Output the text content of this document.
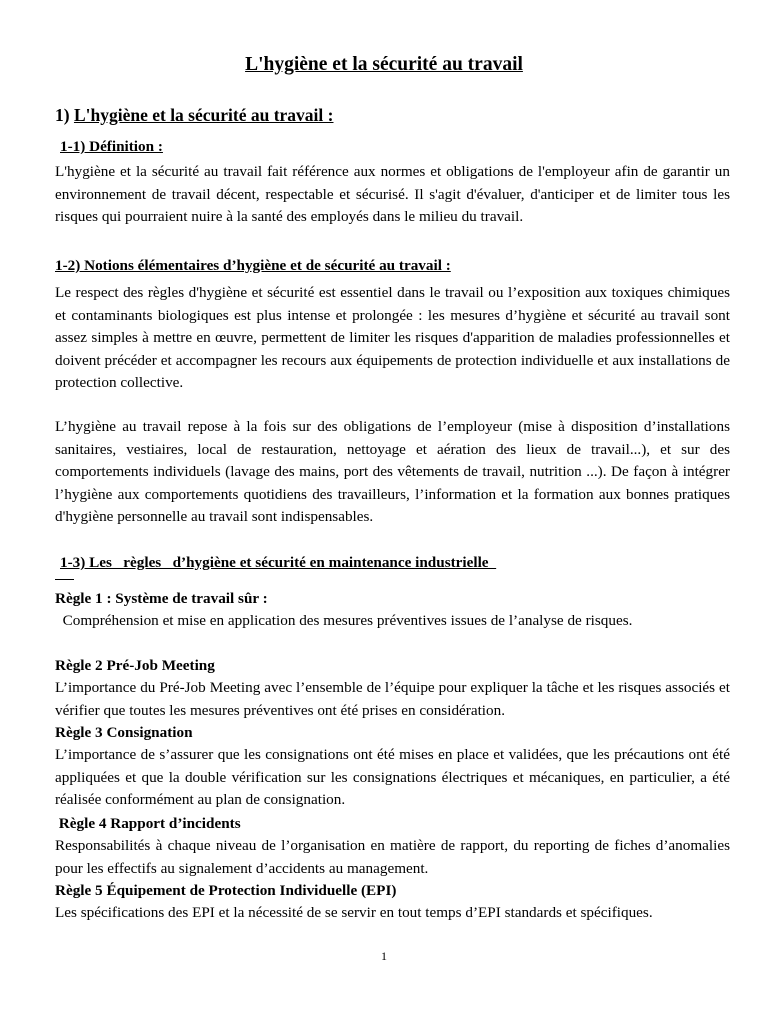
L'hygiène et la sécurité au travail
1) L'hygiène et la sécurité au travail :
1-1) Définition :
L'hygiène et la sécurité au travail fait référence aux normes et obligations de l'employeur afin de garantir un environnement de travail décent, respectable et sécurisé. Il s'agit d'évaluer, d'anticiper et de limiter tous les risques qui pourraient nuire à la santé des employés dans le milieu du travail.
1-2) Notions élémentaires d’hygiène et de sécurité au travail :
Le respect des règles d'hygiène et sécurité est essentiel dans le travail ou l’exposition aux toxiques chimiques et contaminants biologiques est plus intense et prolongée : les mesures d’hygiène et sécurité au travail sont assez simples à mettre en œuvre, permettent de limiter les risques d'apparition de maladies professionnelles et doivent précéder et accompagner les recours aux équipements de protection individuelle et aux installations de protection collective.
L’hygiène au travail repose à la fois sur des obligations de l’employeur (mise à disposition d’installations sanitaires, vestiaires, local de restauration, nettoyage et aération des lieux de travail...), et sur des comportements individuels (lavage des mains, port des vêtements de travail, nutrition ...). De façon à intégrer l’hygiène aux comportements quotidiens des travailleurs, l’information et la formation aux bonnes pratiques d'hygiène personnelle au travail sont indispensables.
1-3) Les   règles   d’hygiène et sécurité en maintenance industrielle
Règle 1 : Système de travail sûr :
Compréhension et mise en application des mesures préventives issues de l’analyse de risques.
Règle 2 Pré-Job Meeting
L’importance du Pré-Job Meeting avec l’ensemble de l’équipe pour expliquer la tâche et les risques associés et vérifier que toutes les mesures préventives ont été prises en considération.
Règle 3 Consignation
L’importance de s’assurer que les consignations ont été mises en place et validées, que les précautions ont été appliquées et que la double vérification sur les consignations électriques et mécaniques, en particulier, a été réalisée conformément au plan de consignation.
Règle 4 Rapport d’incidents
Responsabilités à chaque niveau de l’organisation en matière de rapport, du reporting de fiches d’anomalies pour les effectifs au signalement d’accidents au management.
Règle 5 Équipement de Protection Individuelle (EPI)
Les spécifications des EPI et la nécessité de se servir en tout temps d’EPI standards et spécifiques.
1
